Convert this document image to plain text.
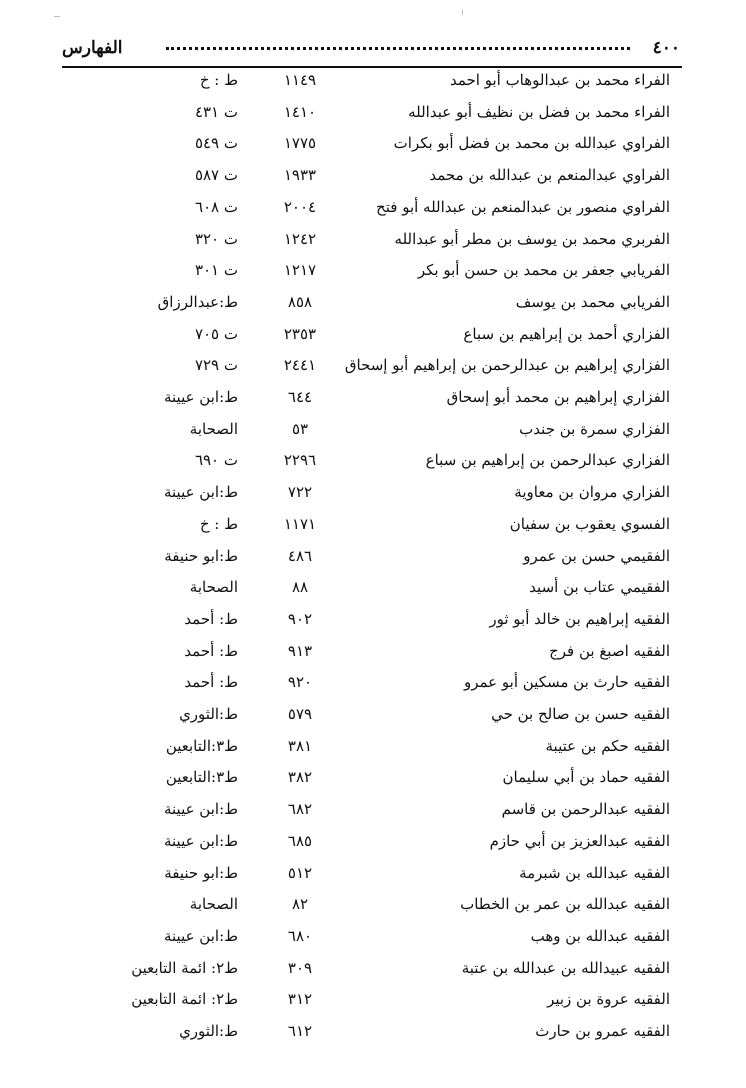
٤٠٠
الفهارس
الفراء محمد بن عبدالوهاب أبو احمد
١١٤٩
ط : خ
الفراء محمد بن فضل بن نظيف أبو عبدالله
١٤١٠
ت ٤٣١
الفراوي عبدالله بن محمد بن فضل أبو بكرات
١٧٧٥
ت ٥٤٩
الفراوي عبدالمنعم بن عبدالله بن محمد
١٩٣٣
ت ٥٨٧
الفراوي منصور بن عبدالمنعم بن عبدالله أبو فتح
٢٠٠٤
ت ٦٠٨
الفربري محمد بن يوسف بن مطر أبو عبدالله
١٢٤٢
ت ٣٢٠
الفريابي جعفر بن محمد بن حسن أبو بكر
١٢١٧
ت ٣٠١
الفريابي محمد بن يوسف
٨٥٨
ط:عبدالرزاق
الفزاري أحمد بن إبراهيم بن سباع
٢٣٥٣
ت ٧٠٥
الفزاري إبراهيم بن عبدالرحمن بن إبراهيم أبو إسحاق
٢٤٤١
ت ٧٢٩
الفزاري إبراهيم بن محمد أبو إسحاق
٦٤٤
ط:ابن عيينة
الفزاري سمرة بن جندب
٥٣
الصحابة
الفزاري عبدالرحمن بن إبراهيم بن سباع
٢٢٩٦
ت ٦٩٠
الفزاري مروان بن معاوية
٧٢٢
ط:ابن عيينة
الفسوي يعقوب بن سفيان
١١٧١
ط : خ
الفقيمي حسن بن عمرو
٤٨٦
ط:ابو حنيفة
الفقيمي عتاب بن أسيد
٨٨
الصحابة
الفقيه إبراهيم بن خالد أبو ثور
٩٠٢
ط: أحمد
الفقيه اصبغ بن فرج
٩١٣
ط: أحمد
الفقيه حارث بن مسكين أبو عمرو
٩٢٠
ط: أحمد
الفقيه حسن بن صالح بن حي
٥٧٩
ط:الثوري
الفقيه حكم بن عتيبة
٣٨١
ط٣:التابعين
الفقيه حماد بن أبي سليمان
٣٨٢
ط٣:التابعين
الفقيه عبدالرحمن بن قاسم
٦٨٢
ط:ابن عيينة
الفقيه عبدالعزيز بن أبي حازم
٦٨٥
ط:ابن عيينة
الفقيه عبدالله بن شبرمة
٥١٢
ط:ابو حنيفة
الفقيه عبدالله بن عمر بن الخطاب
٨٢
الصحابة
الفقيه عبدالله بن وهب
٦٨٠
ط:ابن عيينة
الفقيه عبيدالله بن عبدالله بن عتبة
٣٠٩
ط٢: ائمة التابعين
الفقيه عروة بن زبير
٣١٢
ط٢: ائمة التابعين
الفقيه عمرو بن حارث
٦١٢
ط:الثوري
